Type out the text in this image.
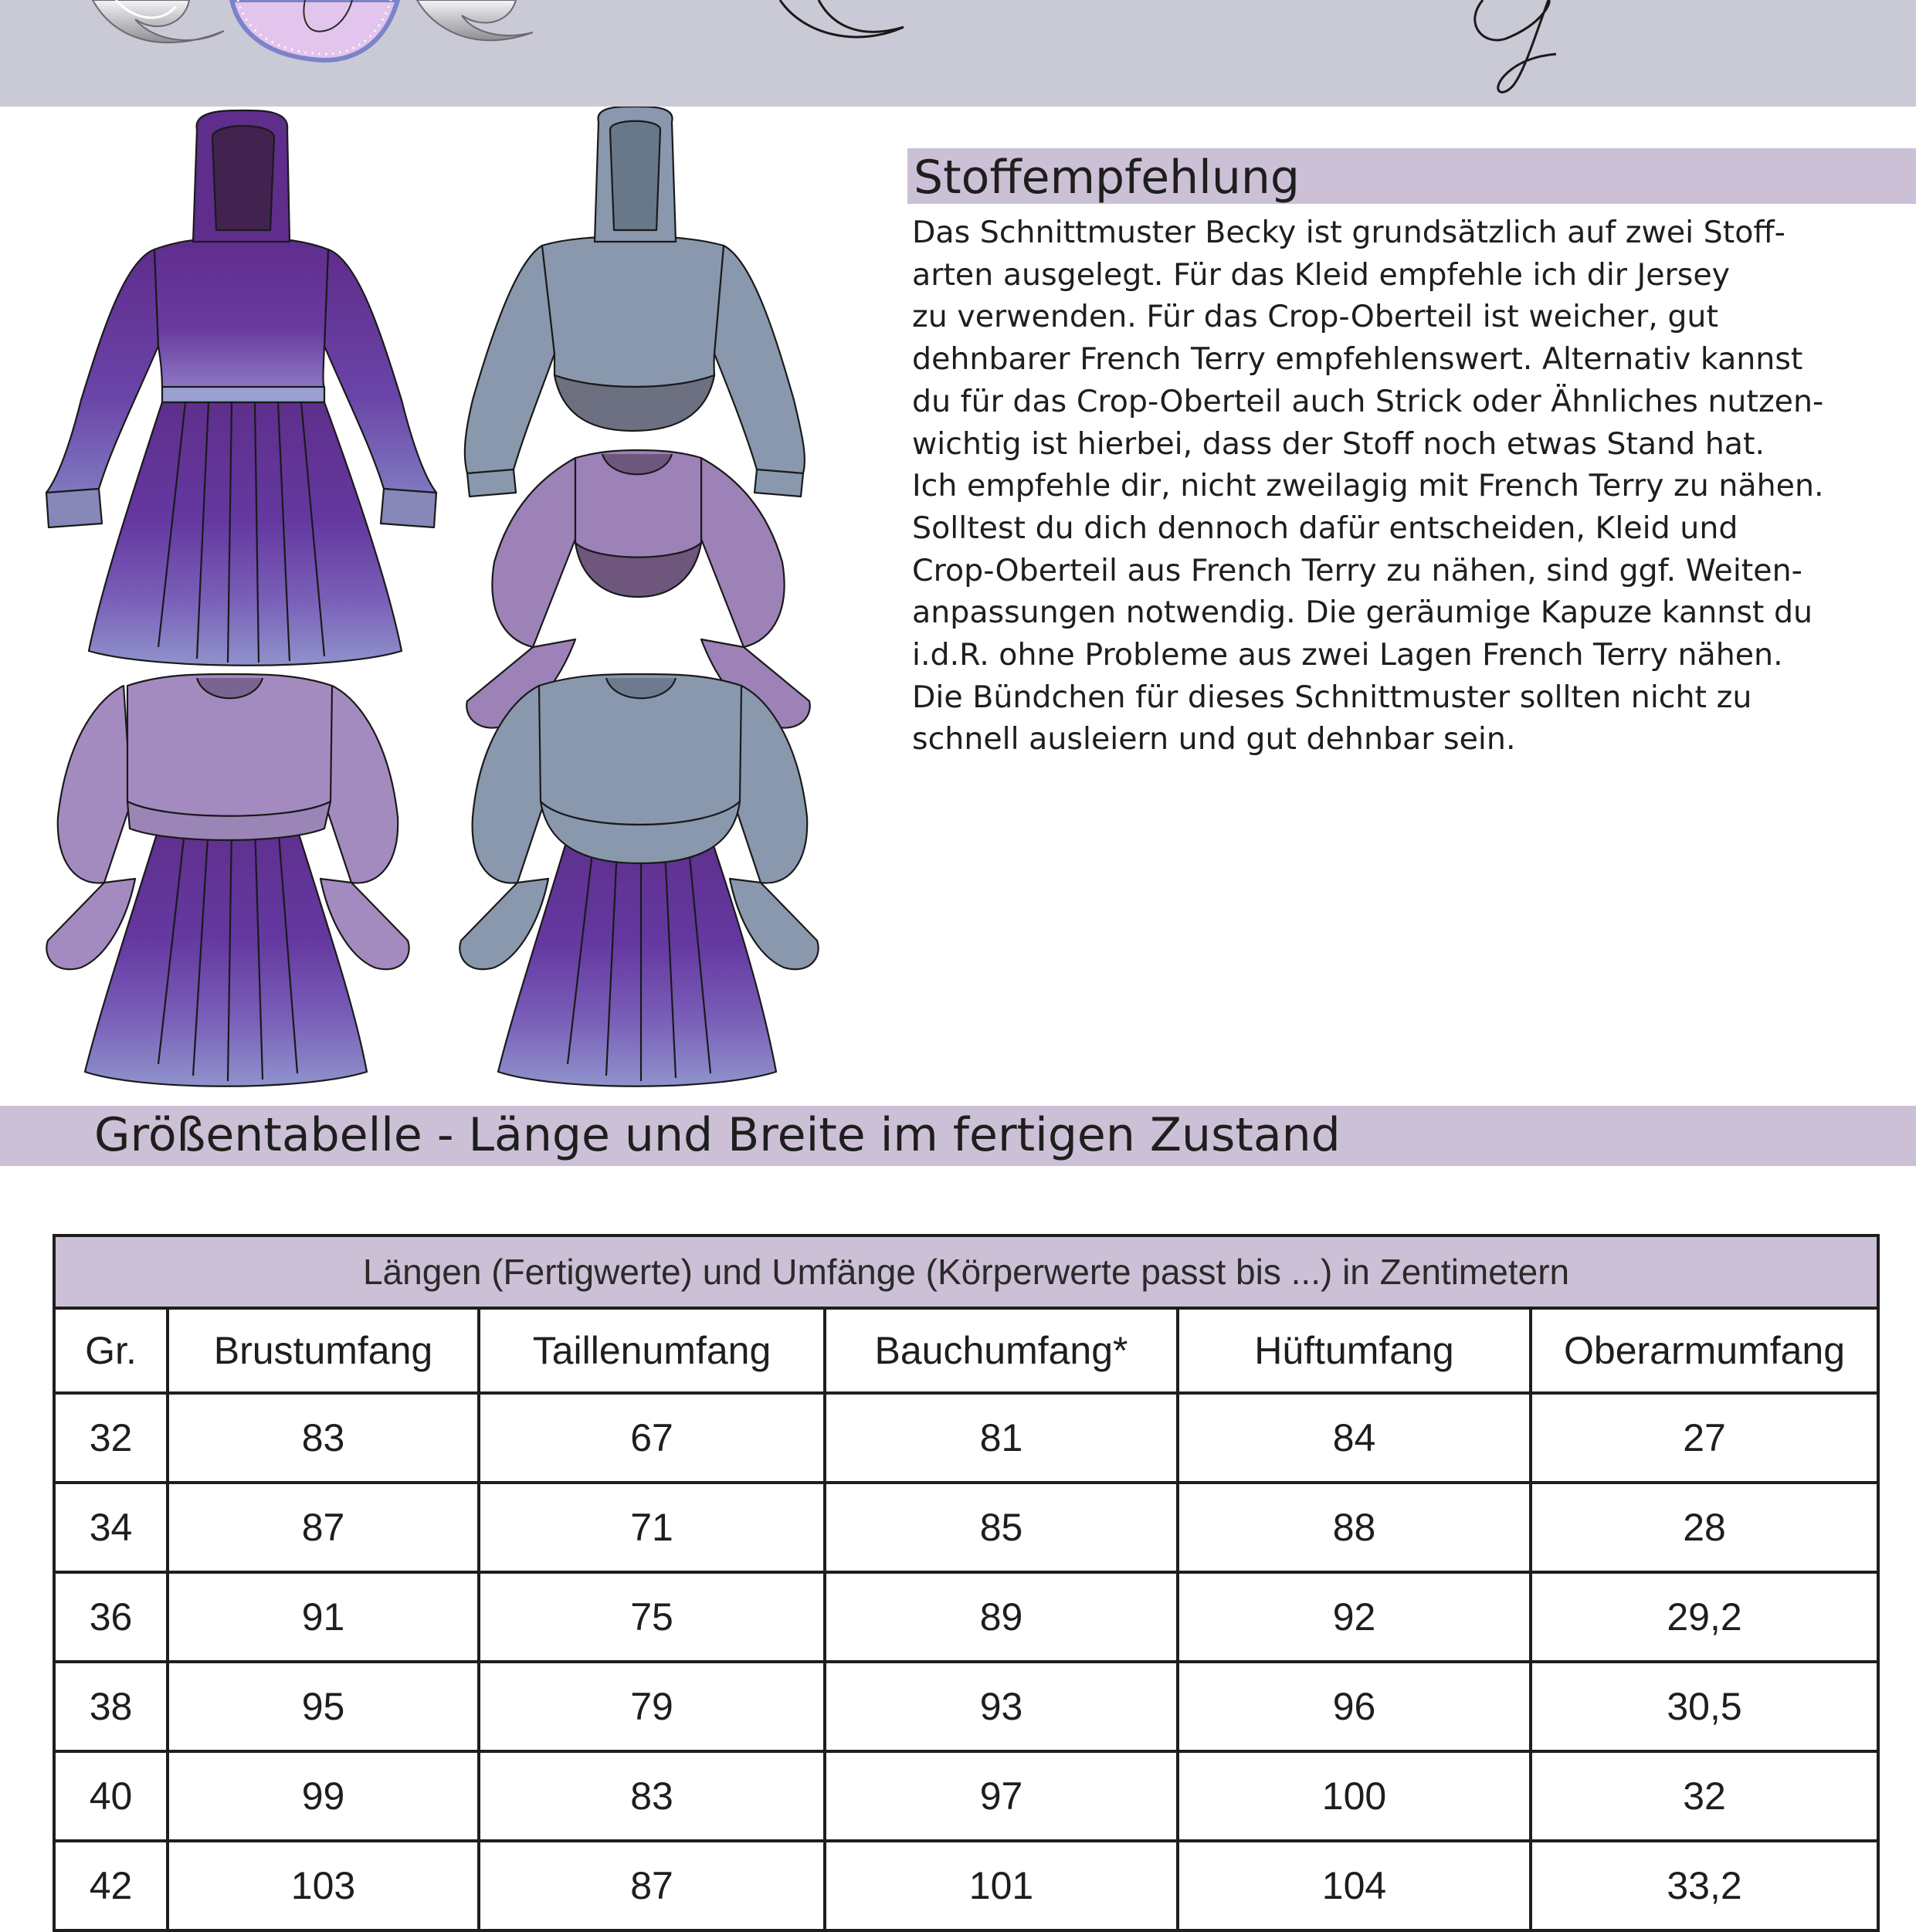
Stoffempfehlung
Das Schnittmuster Becky ist grundsätzlich auf zwei Stoff-
arten ausgelegt. Für das Kleid empfehle ich dir Jersey
zu verwenden. Für das Crop-Oberteil ist weicher, gut
dehnbarer French Terry empfehlenswert. Alternativ kannst
du für das Crop-Oberteil auch Strick oder Ähnliches nutzen-
wichtig ist hierbei, dass der Stoff noch etwas Stand hat.
Ich empfehle dir, nicht zweilagig mit French Terry zu nähen.
Solltest du dich dennoch dafür entscheiden, Kleid und
Crop-Oberteil aus French Terry zu nähen, sind ggf. Weiten-
anpassungen notwendig. Die geräumige Kapuze kannst du
i.d.R. ohne Probleme aus zwei Lagen French Terry nähen.
Die Bündchen für dieses Schnittmuster sollten nicht zu
schnell ausleiern und gut dehnbar sein.
Größentabelle - Länge und Breite im fertigen Zustand
Längen (Fertigwerte) und Umfänge (Körperwerte passt bis ...) in Zentimetern					
Gr.	Brustumfang	Taillenumfang	Bauchumfang*	Hüftumfang	Oberarmumfang
32	83	67	81	84	27
34	87	71	85	88	28
36	91	75	89	92	29,2
38	95	79	93	96	30,5
40	99	83	97	100	32
42	103	87	101	104	33,2
